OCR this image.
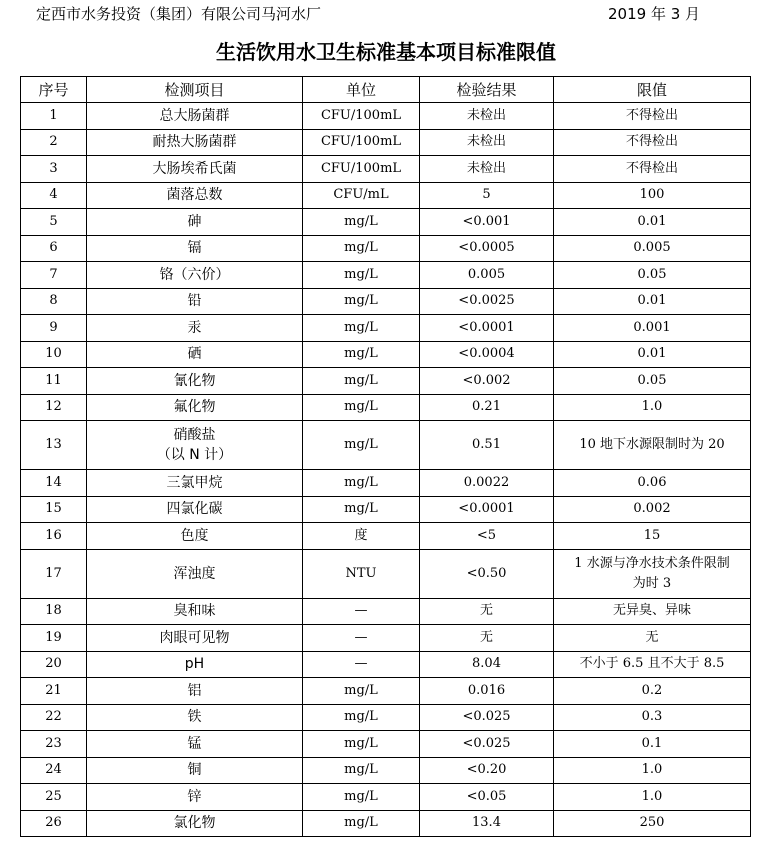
定西市水务投资（集团）有限公司马河水厂	2019 年 3 月
生活饮用水卫生标准基本项目标准限值
序号	检测项目	单位	检验结果	限值

1	总大肠菌群	CFU/100mL	未检出	不得检出

2	耐热大肠菌群	CFU/100mL	未检出	不得检出

3	大肠埃希氏菌	CFU/100mL	未检出	不得检出

4	菌落总数	CFU/mL	5	100

5	砷	mg/L	<0.001	0.01

6	镉	mg/L	<0.0005	0.005

7	铬（六价）	mg/L	0.005	0.05

8	铅	mg/L	<0.0025	0.01

9	汞	mg/L	<0.0001	0.001

10	硒	mg/L	<0.0004	0.01

11	氰化物	mg/L	<0.002	0.05

12	氟化物	mg/L	0.21	1.0

13	硝酸盐
（以 N 计）	mg/L	0.51	10 地下水源限制时为 20

14	三氯甲烷	mg/L	0.0022	0.06

15	四氯化碳	mg/L	<0.0001	0.002

16	色度	度	<5	15

17	浑浊度	NTU	<0.50	1 水源与净水技术条件限制
为时 3

18	臭和味	—	无	无异臭、异味

19	肉眼可见物	—	无	无

20	pH	—	8.04	不小于 6.5 且不大于 8.5

21	铝	mg/L	0.016	0.2

22	铁	mg/L	<0.025	0.3

23	锰	mg/L	<0.025	0.1

24	铜	mg/L	<0.20	1.0

25	锌	mg/L	<0.05	1.0

26	氯化物	mg/L	13.4	250
